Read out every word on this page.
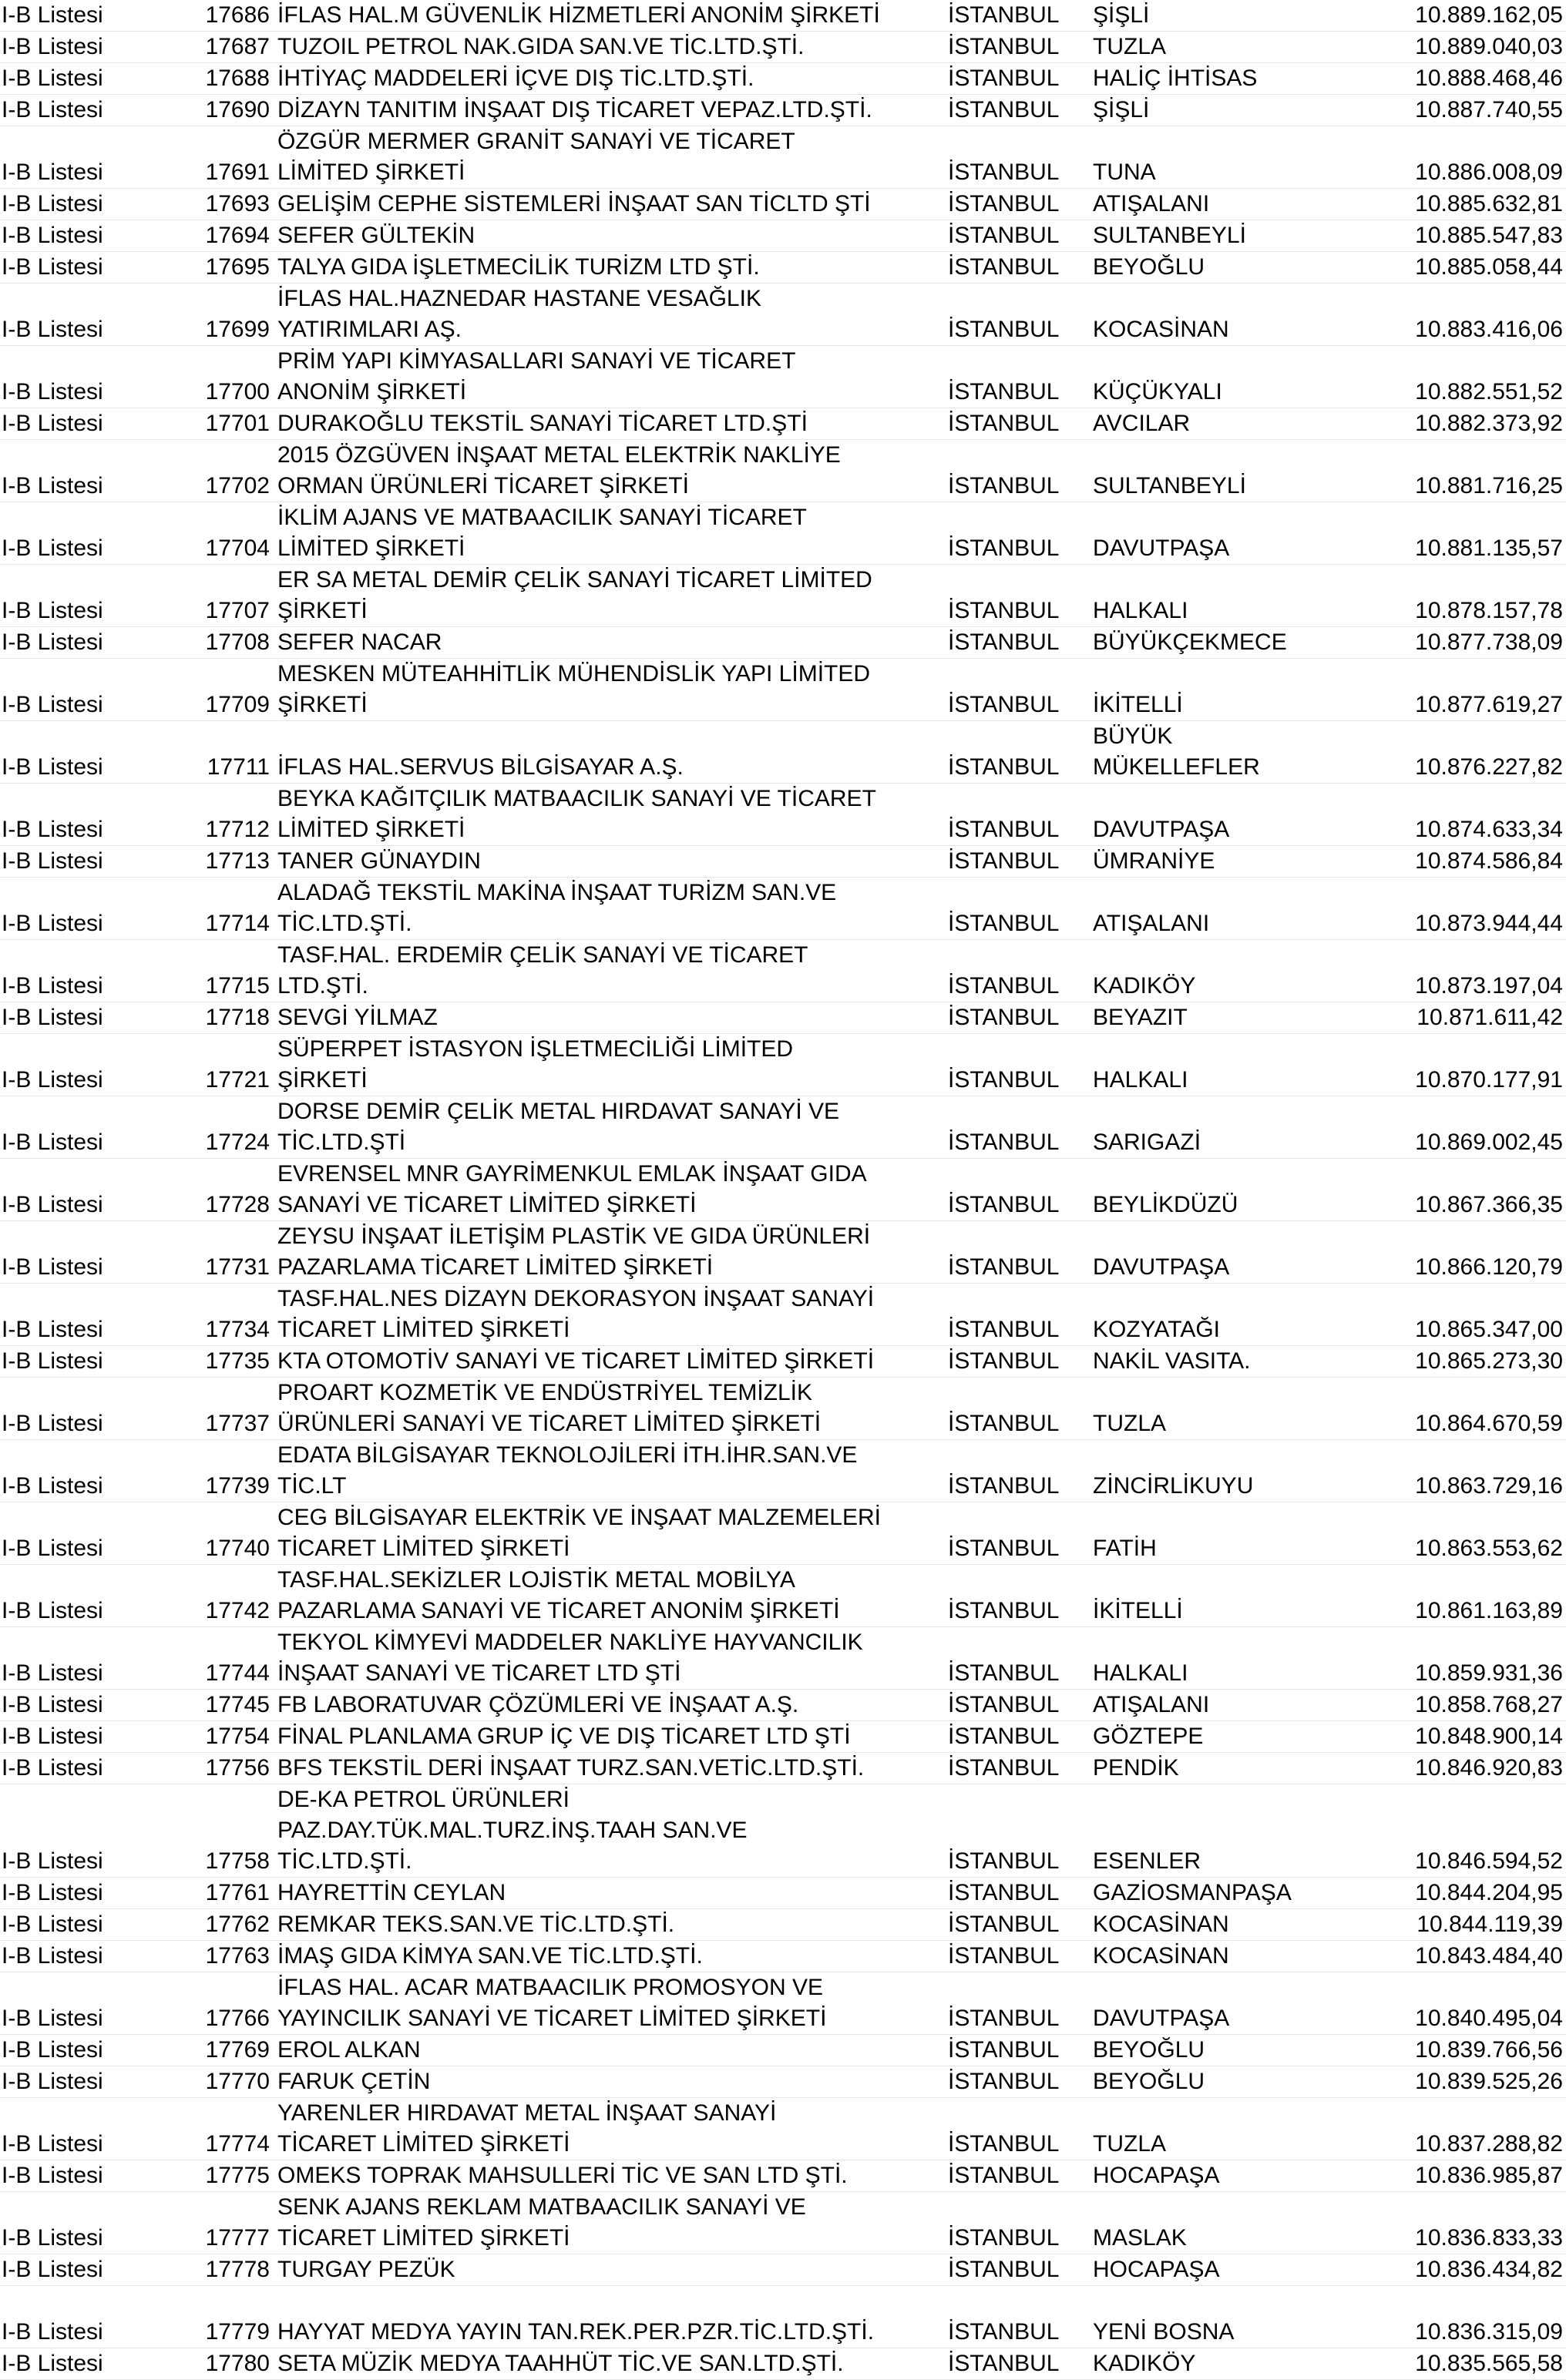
I-B Listesi	17686	İFLAS HAL.M GÜVENLİK HİZMETLERİ ANONİM ŞİRKETİ	İSTANBUL	ŞİŞLİ	10.889.162,05
I-B Listesi	17687	TUZOIL PETROL NAK.GIDA SAN.VE TİC.LTD.ŞTİ.	İSTANBUL	TUZLA	10.889.040,03
I-B Listesi	17688	İHTİYAÇ MADDELERİ İÇVE DIŞ TİC.LTD.ŞTİ.	İSTANBUL	HALİÇ İHTİSAS	10.888.468,46
I-B Listesi	17690	DİZAYN TANITIM İNŞAAT DIŞ TİCARET VEPAZ.LTD.ŞTİ.	İSTANBUL	ŞİŞLİ	10.887.740,55
I-B Listesi	17691	ÖZGÜR MERMER GRANİT SANAYİ VE TİCARET
LİMİTED ŞİRKETİ	İSTANBUL	TUNA	10.886.008,09
I-B Listesi	17693	GELİŞİM CEPHE SİSTEMLERİ İNŞAAT SAN TİCLTD ŞTİ	İSTANBUL	ATIŞALANI	10.885.632,81
I-B Listesi	17694	SEFER GÜLTEKİN	İSTANBUL	SULTANBEYLİ	10.885.547,83
I-B Listesi	17695	TALYA GIDA İŞLETMECİLİK TURİZM LTD ŞTİ.	İSTANBUL	BEYOĞLU	10.885.058,44
I-B Listesi	17699	İFLAS HAL.HAZNEDAR HASTANE VESAĞLIK
YATIRIMLARI AŞ.	İSTANBUL	KOCASİNAN	10.883.416,06
I-B Listesi	17700	PRİM YAPI KİMYASALLARI SANAYİ VE TİCARET
ANONİM ŞİRKETİ	İSTANBUL	KÜÇÜKYALI	10.882.551,52
I-B Listesi	17701	DURAKOĞLU TEKSTİL SANAYİ TİCARET LTD.ŞTİ	İSTANBUL	AVCILAR	10.882.373,92
I-B Listesi	17702	2015 ÖZGÜVEN İNŞAAT METAL ELEKTRİK NAKLİYE
ORMAN ÜRÜNLERİ TİCARET ŞİRKETİ	İSTANBUL	SULTANBEYLİ	10.881.716,25
I-B Listesi	17704	İKLİM AJANS VE MATBAACILIK SANAYİ TİCARET
LİMİTED ŞİRKETİ	İSTANBUL	DAVUTPAŞA	10.881.135,57
I-B Listesi	17707	ER SA METAL DEMİR ÇELİK SANAYİ TİCARET LİMİTED
ŞİRKETİ	İSTANBUL	HALKALI	10.878.157,78
I-B Listesi	17708	SEFER NACAR	İSTANBUL	BÜYÜKÇEKMECE	10.877.738,09
I-B Listesi	17709	MESKEN MÜTEAHHİTLİK MÜHENDİSLİK YAPI LİMİTED
ŞİRKETİ	İSTANBUL	İKİTELLİ	10.877.619,27
I-B Listesi	17711	İFLAS HAL.SERVUS BİLGİSAYAR A.Ş.	İSTANBUL	BÜYÜK
MÜKELLEFLER	10.876.227,82
I-B Listesi	17712	BEYKA KAĞITÇILIK MATBAACILIK SANAYİ VE TİCARET
LİMİTED ŞİRKETİ	İSTANBUL	DAVUTPAŞA	10.874.633,34
I-B Listesi	17713	TANER GÜNAYDIN	İSTANBUL	ÜMRANİYE	10.874.586,84
I-B Listesi	17714	ALADAĞ TEKSTİL MAKİNA İNŞAAT TURİZM SAN.VE
TİC.LTD.ŞTİ.	İSTANBUL	ATIŞALANI	10.873.944,44
I-B Listesi	17715	TASF.HAL. ERDEMİR ÇELİK SANAYİ VE TİCARET
LTD.ŞTİ.	İSTANBUL	KADIKÖY	10.873.197,04
I-B Listesi	17718	SEVGİ YİLMAZ	İSTANBUL	BEYAZIT	10.871.611,42
I-B Listesi	17721	SÜPERPET İSTASYON İŞLETMECİLİĞİ LİMİTED
ŞİRKETİ	İSTANBUL	HALKALI	10.870.177,91
I-B Listesi	17724	DORSE DEMİR ÇELİK METAL HIRDAVAT SANAYİ VE
TİC.LTD.ŞTİ	İSTANBUL	SARIGAZİ	10.869.002,45
I-B Listesi	17728	EVRENSEL MNR GAYRİMENKUL EMLAK İNŞAAT GIDA
SANAYİ VE TİCARET LİMİTED ŞİRKETİ	İSTANBUL	BEYLİKDÜZÜ	10.867.366,35
I-B Listesi	17731	ZEYSU İNŞAAT İLETİŞİM PLASTİK VE GIDA ÜRÜNLERİ
PAZARLAMA TİCARET LİMİTED ŞİRKETİ	İSTANBUL	DAVUTPAŞA	10.866.120,79
I-B Listesi	17734	TASF.HAL.NES DİZAYN DEKORASYON İNŞAAT SANAYİ
TİCARET LİMİTED ŞİRKETİ	İSTANBUL	KOZYATAĞI	10.865.347,00
I-B Listesi	17735	KTA OTOMOTİV SANAYİ VE TİCARET LİMİTED ŞİRKETİ	İSTANBUL	NAKİL VASITA.	10.865.273,30
I-B Listesi	17737	PROART KOZMETİK VE ENDÜSTRİYEL TEMİZLİK
ÜRÜNLERİ SANAYİ VE TİCARET LİMİTED ŞİRKETİ	İSTANBUL	TUZLA	10.864.670,59
I-B Listesi	17739	EDATA BİLGİSAYAR TEKNOLOJİLERİ İTH.İHR.SAN.VE
TİC.LT	İSTANBUL	ZİNCİRLİKUYU	10.863.729,16
I-B Listesi	17740	CEG BİLGİSAYAR ELEKTRİK VE İNŞAAT MALZEMELERİ
TİCARET LİMİTED ŞİRKETİ	İSTANBUL	FATİH	10.863.553,62
I-B Listesi	17742	TASF.HAL.SEKİZLER LOJİSTİK METAL MOBİLYA
PAZARLAMA SANAYİ VE TİCARET ANONİM ŞİRKETİ	İSTANBUL	İKİTELLİ	10.861.163,89
I-B Listesi	17744	TEKYOL KİMYEVİ MADDELER NAKLİYE HAYVANCILIK
İNŞAAT SANAYİ VE TİCARET LTD ŞTİ	İSTANBUL	HALKALI	10.859.931,36
I-B Listesi	17745	FB LABORATUVAR ÇÖZÜMLERİ VE İNŞAAT A.Ş.	İSTANBUL	ATIŞALANI	10.858.768,27
I-B Listesi	17754	FİNAL PLANLAMA GRUP İÇ VE DIŞ TİCARET LTD ŞTİ	İSTANBUL	GÖZTEPE	10.848.900,14
I-B Listesi	17756	BFS TEKSTİL DERİ İNŞAAT TURZ.SAN.VETİC.LTD.ŞTİ.	İSTANBUL	PENDİK	10.846.920,83
I-B Listesi	17758	DE-KA PETROL ÜRÜNLERİ
PAZ.DAY.TÜK.MAL.TURZ.İNŞ.TAAH SAN.VE
TİC.LTD.ŞTİ.	İSTANBUL	ESENLER	10.846.594,52
I-B Listesi	17761	HAYRETTİN CEYLAN	İSTANBUL	GAZİOSMANPAŞA	10.844.204,95
I-B Listesi	17762	REMKAR TEKS.SAN.VE TİC.LTD.ŞTİ.	İSTANBUL	KOCASİNAN	10.844.119,39
I-B Listesi	17763	İMAŞ GIDA KİMYA SAN.VE TİC.LTD.ŞTİ.	İSTANBUL	KOCASİNAN	10.843.484,40
I-B Listesi	17766	İFLAS HAL. ACAR MATBAACILIK PROMOSYON VE
YAYINCILIK SANAYİ VE TİCARET LİMİTED ŞİRKETİ	İSTANBUL	DAVUTPAŞA	10.840.495,04
I-B Listesi	17769	EROL ALKAN	İSTANBUL	BEYOĞLU	10.839.766,56
I-B Listesi	17770	FARUK ÇETİN	İSTANBUL	BEYOĞLU	10.839.525,26
I-B Listesi	17774	YARENLER HIRDAVAT METAL İNŞAAT SANAYİ
TİCARET LİMİTED ŞİRKETİ	İSTANBUL	TUZLA	10.837.288,82
I-B Listesi	17775	OMEKS TOPRAK MAHSULLERİ TİC VE SAN LTD ŞTİ.	İSTANBUL	HOCAPAŞA	10.836.985,87
I-B Listesi	17777	SENK AJANS REKLAM MATBAACILIK SANAYİ VE
TİCARET LİMİTED ŞİRKETİ	İSTANBUL	MASLAK	10.836.833,33
I-B Listesi	17778	TURGAY PEZÜK	İSTANBUL	HOCAPAŞA	10.836.434,82

I-B Listesi	17779	HAYYAT MEDYA YAYIN TAN.REK.PER.PZR.TİC.LTD.ŞTİ.	İSTANBUL	YENİ BOSNA	10.836.315,09
I-B Listesi	17780	SETA MÜZİK MEDYA TAAHHÜT TİC.VE SAN.LTD.ŞTİ.	İSTANBUL	KADIKÖY	10.835.565,58
